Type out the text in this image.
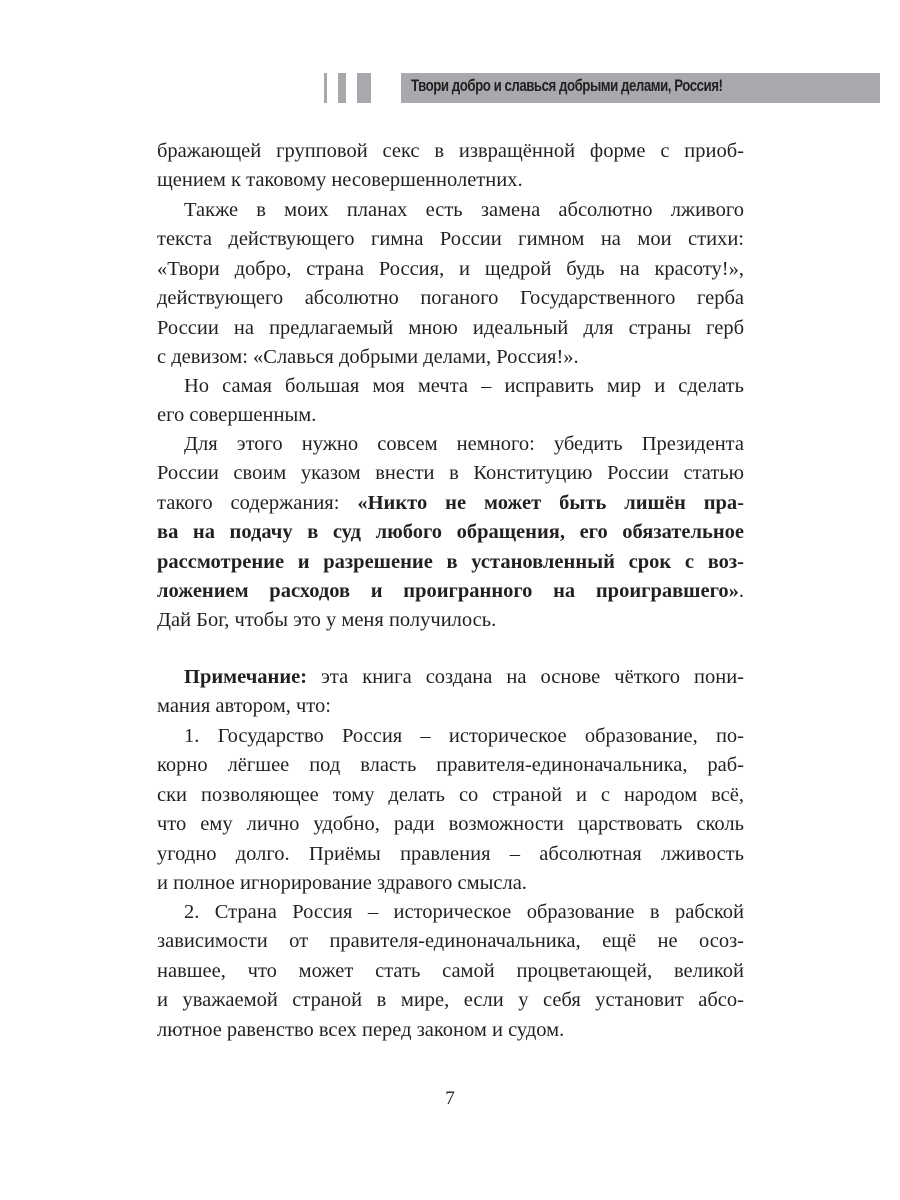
Твори добро и славься добрыми делами, Россия!
бражающей групповой секс в извращённой форме с приоб-
щением к таковому несовершеннолетних.
Также в моих планах есть замена абсолютно лживого
текста действующего гимна России гимном на мои стихи:
«Твори добро, страна Россия, и щедрой будь на красоту!»,
действующего абсолютно поганого Государственного герба
России на предлагаемый мною идеальный для страны герб
с девизом: «Славься добрыми делами, Россия!».
Но самая большая моя мечта – исправить мир и сделать
его совершенным.
Для этого нужно совсем немного: убедить Президента
России своим указом внести в Конституцию России статью
такого содержания: «Никто не может быть лишён пра-
ва на подачу в суд любого обращения, его обязательное
рассмотрение и разрешение в установленный срок с воз-
ложением расходов и проигранного на проигравшего».
Дай Бог, чтобы это у меня получилось.
Примечание: эта книга создана на основе чёткого пони-
мания автором, что:
1. Государство Россия – историческое образование, по-
корно лёгшее под власть правителя-единоначальника, раб-
ски позволяющее тому делать со страной и с народом всё,
что ему лично удобно, ради возможности царствовать сколь
угодно долго. Приёмы правления – абсолютная лживость
и полное игнорирование здравого смысла.
2. Страна Россия – историческое образование в рабской
зависимости от правителя-единоначальника, ещё не осоз-
навшее, что может стать самой процветающей, великой
и уважаемой страной в мире, если у себя установит абсо-
лютное равенство всех перед законом и судом.
7
